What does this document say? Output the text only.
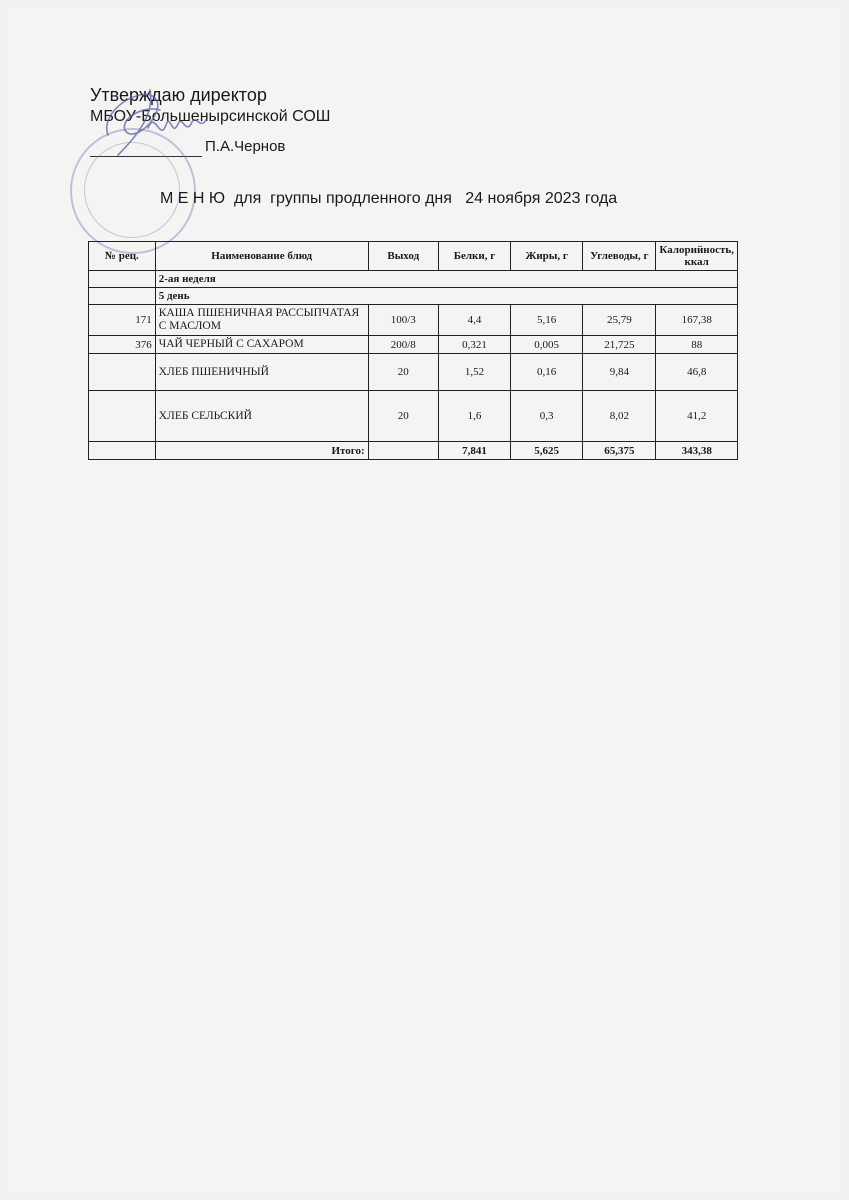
Утверждаю директор
МБОУ-Большенырсинской СОШ
П.А.Чернов
М Е Н Ю  для  группы продленного дня   24 ноября 2023 года
№ рец.	Наименование блюд	Выход	Белки, г	Жиры, г	Углеводы, г	Калорийность, ккал
	2-ая неделя					
	5 день					
171	КАША ПШЕНИЧНАЯ РАССЫПЧАТАЯ С МАСЛОМ	100/3	4,4	5,16	25,79	167,38
376	ЧАЙ ЧЕРНЫЙ С САХАРОМ	200/8	0,321	0,005	21,725	88
	ХЛЕБ ПШЕНИЧНЫЙ	20	1,52	0,16	9,84	46,8
	ХЛЕБ СЕЛЬСКИЙ	20	1,6	0,3	8,02	41,2
	Итого:		7,841	5,625	65,375	343,38
